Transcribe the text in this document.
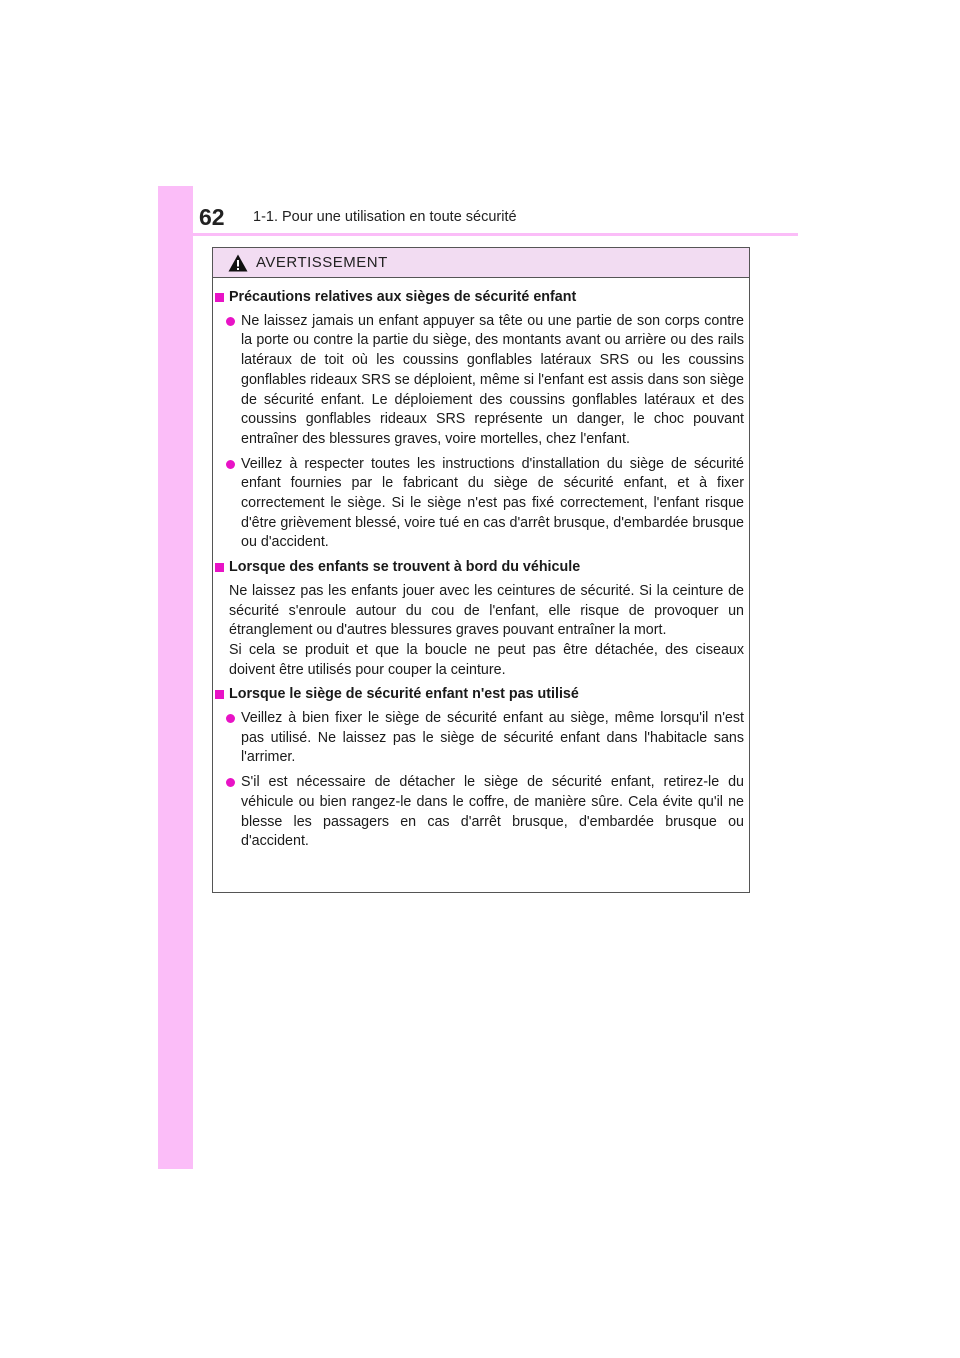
62	1-1. Pour une utilisation en toute sécurité
AVERTISSEMENT
Précautions relatives aux sièges de sécurité enfant
Ne laissez jamais un enfant appuyer sa tête ou une partie de son corps contre la porte ou contre la partie du siège, des montants avant ou arrière ou des rails latéraux de toit où les coussins gonflables latéraux SRS ou les coussins gonflables rideaux SRS se déploient, même si l'enfant est assis dans son siège de sécurité enfant. Le déploiement des coussins gonflables latéraux et des coussins gonflables rideaux SRS représente un danger, le choc pouvant entraîner des blessures graves, voire mortelles, chez l'enfant.
Veillez à respecter toutes les instructions d'installation du siège de sécurité enfant fournies par le fabricant du siège de sécurité enfant, et à fixer correctement le siège. Si le siège n'est pas fixé correctement, l'enfant risque d'être grièvement blessé, voire tué en cas d'arrêt brusque, d'embardée brusque ou d'accident.
Lorsque des enfants se trouvent à bord du véhicule

Ne laissez pas les enfants jouer avec les ceintures de sécurité. Si la ceinture de sécurité s'enroule autour du cou de l'enfant, elle risque de provoquer un étranglement ou d'autres blessures graves pouvant entraîner la mort.

Si cela se produit et que la boucle ne peut pas être détachée, des ciseaux doivent être utilisés pour couper la ceinture.

Lorsque le siège de sécurité enfant n'est pas utilisé
Veillez à bien fixer le siège de sécurité enfant au siège, même lorsqu'il n'est pas utilisé. Ne laissez pas le siège de sécurité enfant dans l'habitacle sans l'arrimer.
S'il est nécessaire de détacher le siège de sécurité enfant, retirez-le du véhicule ou bien rangez-le dans le coffre, de manière sûre. Cela évite qu'il ne blesse les passagers en cas d'arrêt brusque, d'embardée brusque ou d'accident.
